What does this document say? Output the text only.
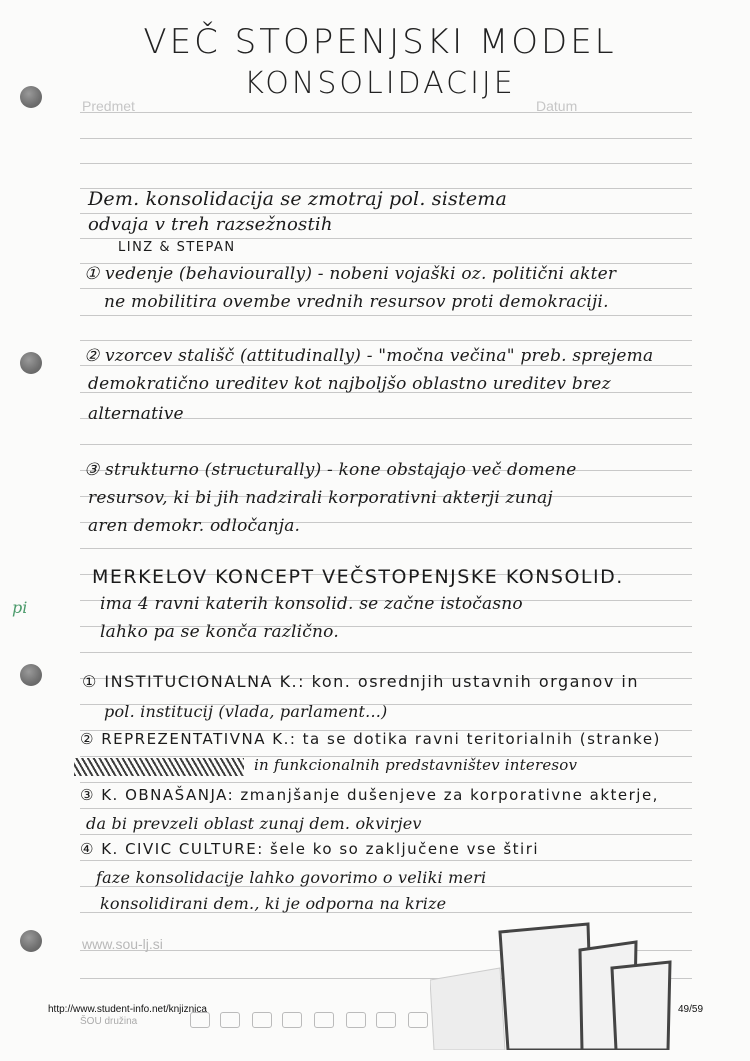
VEČ STOPENJSKI MODEL
KONSOLIDACIJE
Predmet	Datum
Dem. konsolidacija se zmotraj pol. sistema
odvaja v treh razsežnostih
LINZ & STEPAN
① vedenje (behaviourally) - nobeni vojaški oz. politični akter
ne mobilitira ovembe vrednih resursov proti demokraciji.
② vzorcev stališč (attitudinally) - "močna večina" preb. sprejema
demokratično ureditev kot najboljšo oblastno ureditev brez
alternative
③ strukturno (structurally) - kone obstajajo več domene
resursov, ki bi jih nadzirali korporativni akterji zunaj
aren demokr. odločanja.
MERKELOV KONCEPT VEČSTOPENJSKE KONSOLID.
ima 4 ravni katerih konsolid. se začne istočasno
lahko pa se konča različno.
① INSTITUCIONALNA K.: kon. osrednjih ustavnih organov in
pol. institucij (vlada, parlament...)
② REPREZENTATIVNA K.: ta se dotika ravni teritorialnih (stranke)
in funkcionalnih predstavništev interesov
③ K. OBNAŠANJA: zmanjšanje dušenjeve za korporativne akterje,
da bi prevzeli oblast zunaj dem. okvirjev
④ K. CIVIC CULTURE: šele ko so zaključene vse štiri
faze konsolidacije lahko govorimo o veliki meri
konsolidirani dem., ki je odporna na krize
pi
www.sou-lj.si
http://www.student-info.net/knjiznica	49/59
ŠOU družina
